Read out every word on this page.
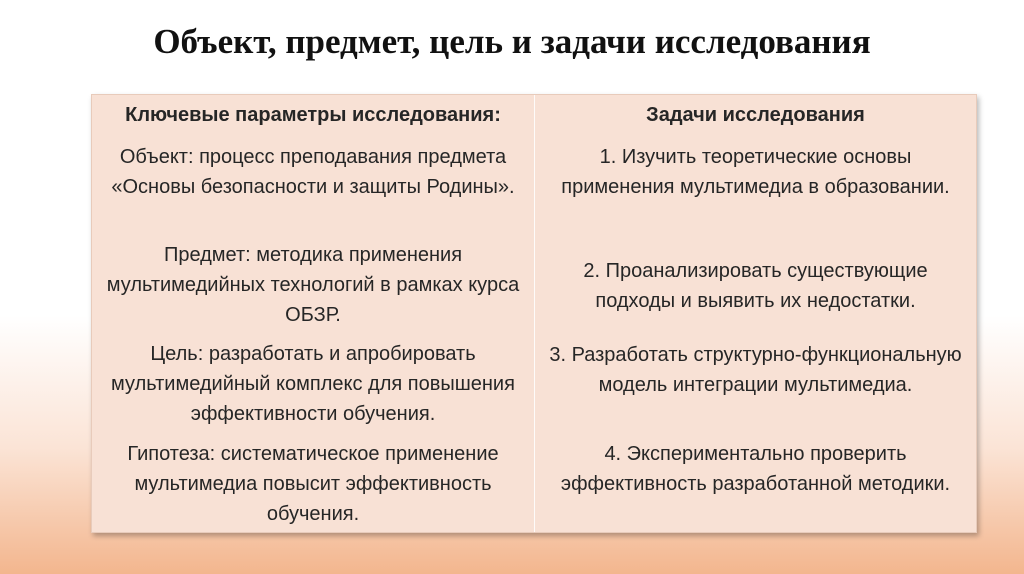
Объект, предмет, цель и задачи исследования
Ключевые параметры исследования:
Объект: процесс преподавания предмета «Основы безопасности и защиты Родины».
Предмет: методика применения мультимедийных технологий в рамках курса ОБЗР.
Цель: разработать и апробировать мультимедийный комплекс для повышения эффективности обучения.
Гипотеза: систематическое применение мультимедиа повысит эффективность обучения.
Задачи исследования
1. Изучить теоретические основы применения мультимедиа в образовании.
2. Проанализировать существующие подходы и выявить их недостатки.
3. Разработать структурно-функциональную модель интеграции мультимедиа.
4. Экспериментально проверить эффективность разработанной методики.
